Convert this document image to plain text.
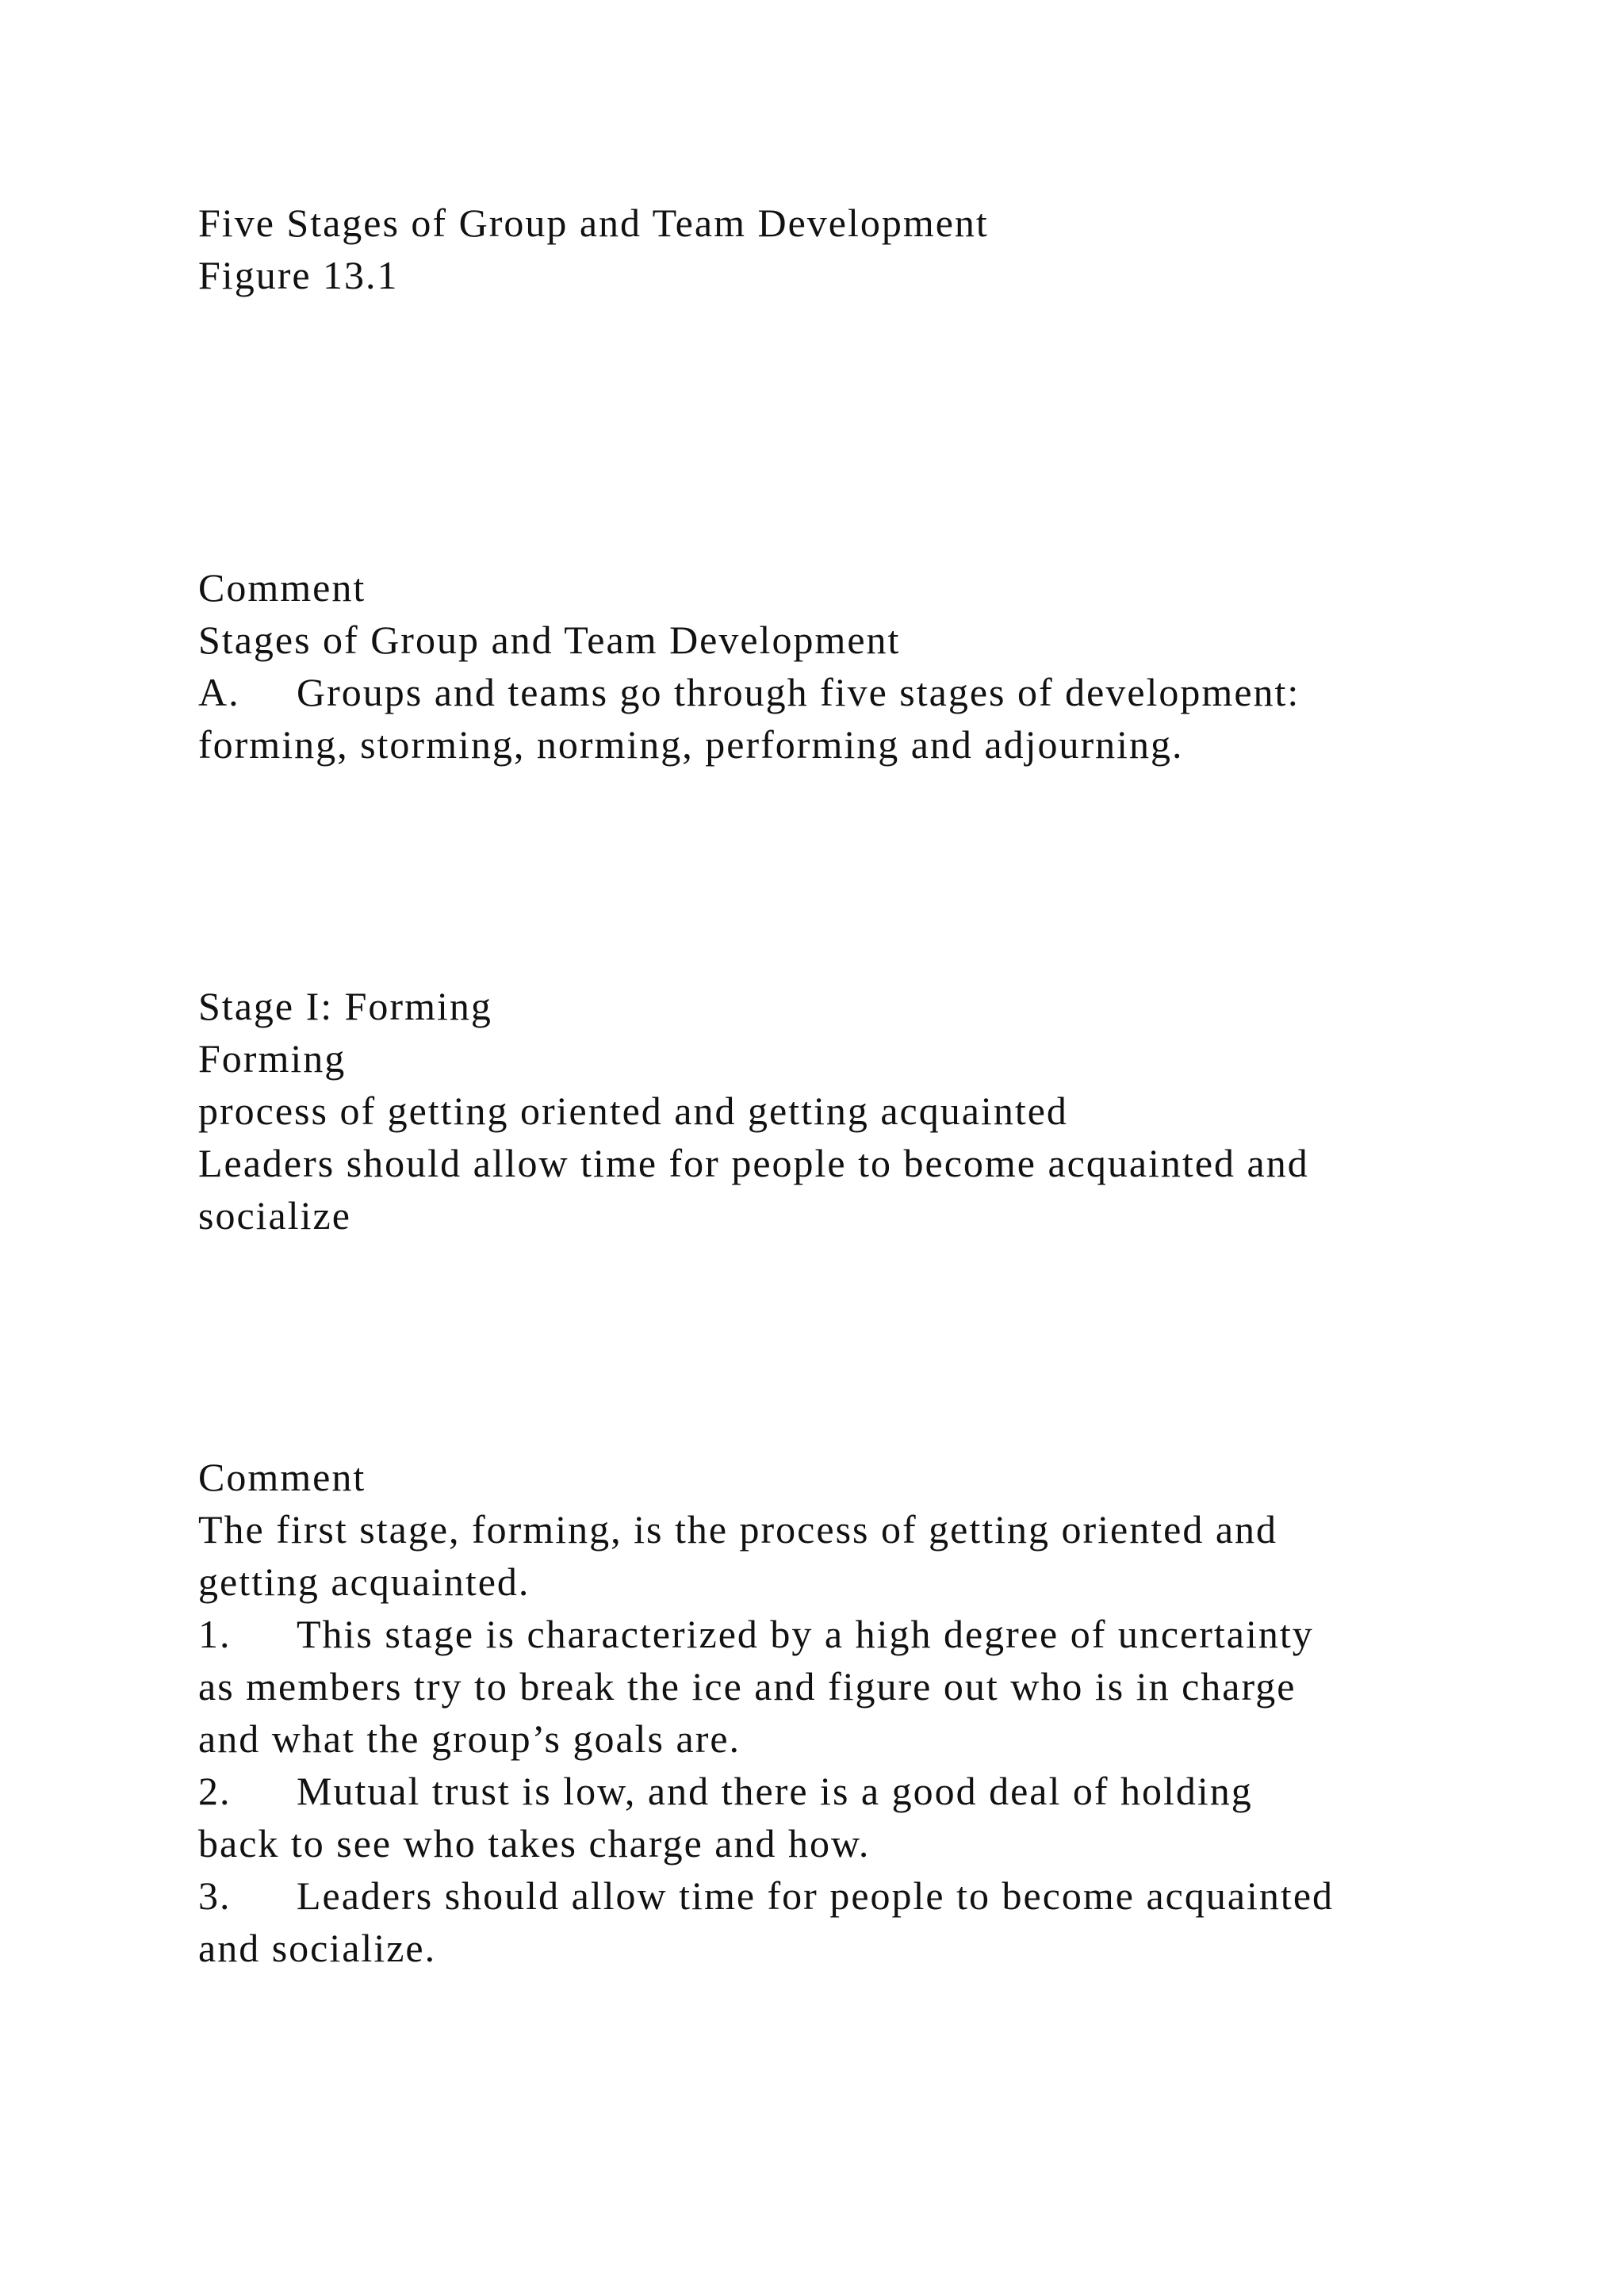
Five Stages of Group and Team Development
Figure 13.1
Comment
Stages of Group and Team Development
A. Groups and teams go through five stages of development:
forming, storming, norming, performing and adjourning.
Stage I: Forming
Forming
process of getting oriented and getting acquainted
Leaders should allow time for people to become acquainted and
socialize
Comment
The first stage, forming, is the process of getting oriented and
getting acquainted.
1. This stage is characterized by a high degree of uncertainty
as members try to break the ice and figure out who is in charge
and what the group’s goals are.
2. Mutual trust is low, and there is a good deal of holding
back to see who takes charge and how.
3. Leaders should allow time for people to become acquainted
and socialize.
